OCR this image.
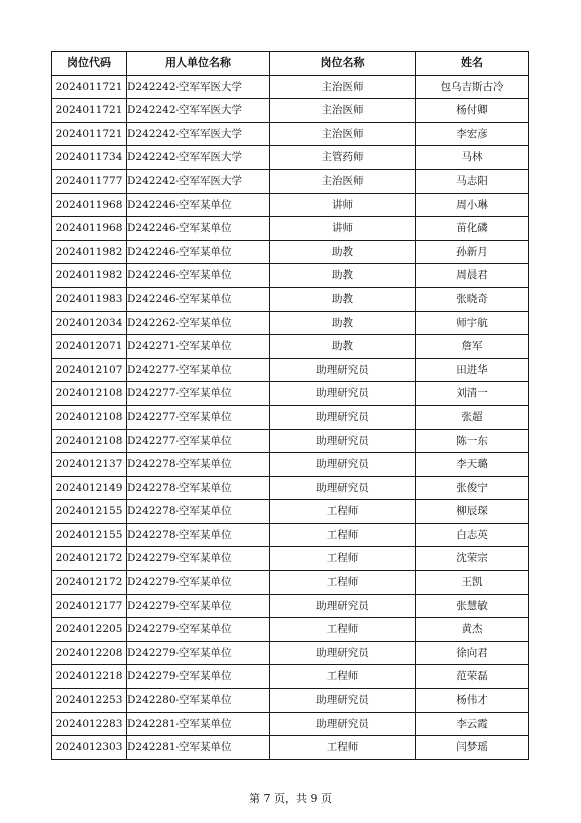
岗位代码	用人单位名称	岗位名称	姓名
2024011721	D242242-空军军医大学	主治医师	包乌吉斯古冷
2024011721	D242242-空军军医大学	主治医师	杨付卿
2024011721	D242242-空军军医大学	主治医师	李宏彦
2024011734	D242242-空军军医大学	主管药师	马林
2024011777	D242242-空军军医大学	主治医师	马志阳
2024011968	D242246-空军某单位	讲师	周小琳
2024011968	D242246-空军某单位	讲师	苗化磷
2024011982	D242246-空军某单位	助教	孙新月
2024011982	D242246-空军某单位	助教	周晨君
2024011983	D242246-空军某单位	助教	张晓奇
2024012034	D242262-空军某单位	助教	师宇航
2024012071	D242271-空军某单位	助教	詹军
2024012107	D242277-空军某单位	助理研究员	田进华
2024012108	D242277-空军某单位	助理研究员	刘清一
2024012108	D242277-空军某单位	助理研究员	张超
2024012108	D242277-空军某单位	助理研究员	陈一东
2024012137	D242278-空军某单位	助理研究员	李天璐
2024012149	D242278-空军某单位	助理研究员	张俊宁
2024012155	D242278-空军某单位	工程师	柳辰琛
2024012155	D242278-空军某单位	工程师	白志英
2024012172	D242279-空军某单位	工程师	沈荣宗
2024012172	D242279-空军某单位	工程师	王凯
2024012177	D242279-空军某单位	助理研究员	张慧敏
2024012205	D242279-空军某单位	工程师	黄杰
2024012208	D242279-空军某单位	助理研究员	徐向君
2024012218	D242279-空军某单位	工程师	范荣磊
2024012253	D242280-空军某单位	助理研究员	杨伟才
2024012283	D242281-空军某单位	助理研究员	李云霞
2024012303	D242281-空军某单位	工程师	闫梦瑶
第 7 页，共 9 页
